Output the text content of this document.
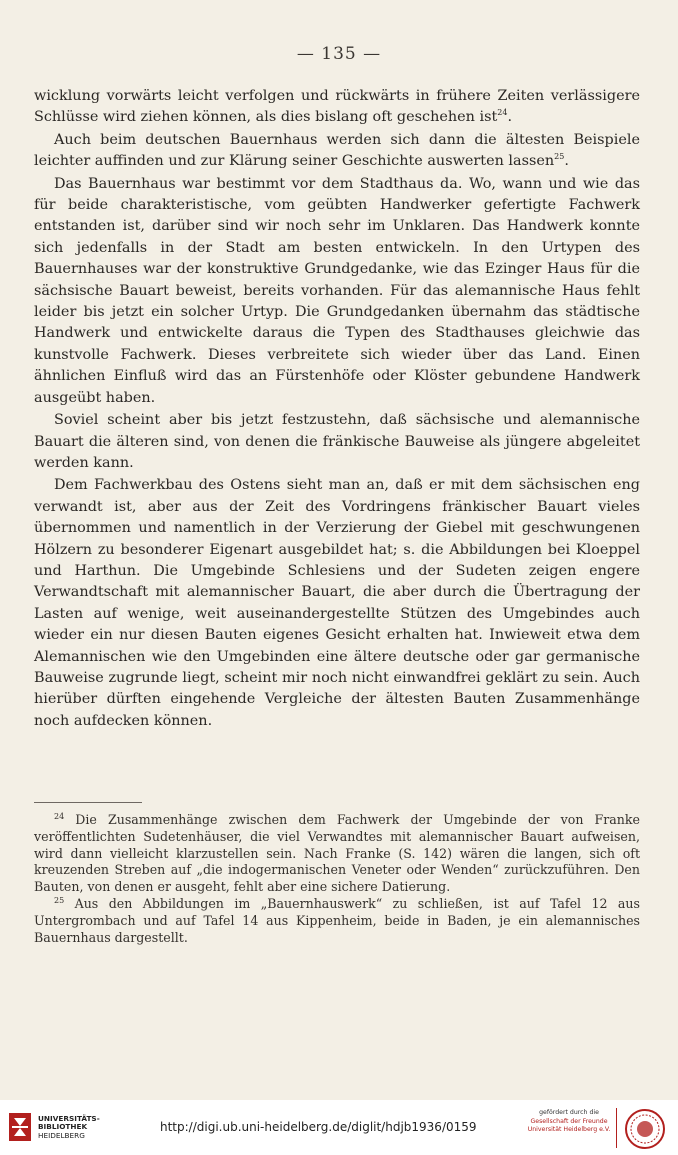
— 135 —

wicklung vorwärts leicht verfolgen und rückwärts in frühere Zeiten verlässigere Schlüsse wird ziehen können, als dies bislang oft geschehen ist$^{24}$.

Auch beim deutschen Bauernhaus werden sich dann die ältesten Beispiele leichter auffinden und zur Klärung seiner Geschichte auswerten lassen$^{25}$.

Das Bauernhaus war bestimmt vor dem Stadthaus da. Wo, wann und wie das für beide charakteristische, vom geübten Handwerker gefertigte Fachwerk entstanden ist, darüber sind wir noch sehr im Unklaren. Das Handwerk konnte sich jedenfalls in der Stadt am besten entwickeln. In den Urtypen des Bauernhauses war der konstruktive Grundgedanke, wie das Ezinger Haus für die sächsische Bauart beweist, bereits vorhanden. Für das alemannische Haus fehlt leider bis jetzt ein solcher Urtyp. Die Grundgedanken übernahm das städtische Handwerk und entwickelte daraus die Typen des Stadthauses gleichwie das kunstvolle Fachwerk. Dieses verbreitete sich wieder über das Land. Einen ähnlichen Einfluß wird das an Fürstenhöfe oder Klöster gebundene Handwerk ausgeübt haben.

Soviel scheint aber bis jetzt festzustehn, daß sächsische und alemannische Bauart die älteren sind, von denen die fränkische Bauweise als jüngere abgeleitet werden kann.

Dem Fachwerkbau des Ostens sieht man an, daß er mit dem sächsischen eng verwandt ist, aber aus der Zeit des Vordringens fränkischer Bauart vieles übernommen und namentlich in der Verzierung der Giebel mit geschwungenen Hölzern zu besonderer Eigenart ausgebildet hat; s. die Abbildungen bei Kloeppel und Harthun. Die Umgebinde Schlesiens und der Sudeten zeigen engere Verwandtschaft mit alemannischer Bauart, die aber durch die Übertragung der Lasten auf wenige, weit auseinandergestellte Stützen des Umgebindes auch wieder ein nur diesen Bauten eigenes Gesicht erhalten hat. Inwieweit etwa dem Alemannischen wie den Umgebinden eine ältere deutsche oder gar germanische Bauweise zugrunde liegt, scheint mir noch nicht einwandfrei geklärt zu sein. Auch hierüber dürften eingehende Vergleiche der ältesten Bauten Zusammenhänge noch aufdecken können.

$^{24}$ Die Zusammenhänge zwischen dem Fachwerk der Umgebinde der von Franke veröffentlichten Sudetenhäuser, die viel Verwandtes mit alemannischer Bauart aufweisen, wird dann vielleicht klarzustellen sein. Nach Franke (S. 142) wären die langen, sich oft kreuzenden Streben auf „die indogermanischen Veneter oder Wenden“ zurückzuführen. Den Bauten, von denen er ausgeht, fehlt aber eine sichere Datierung.

$^{25}$ Aus den Abbildungen im „Bauernhauswerk“ zu schließen, ist auf Tafel 12 aus Untergrombach und auf Tafel 14 aus Kippenheim, beide in Baden, je ein alemannisches Bauernhaus dargestellt.

UNIVERSITÄTS-
BIBLIOTHEK
HEIDELBERG
http://digi.ub.uni-heidelberg.de/diglit/hdjb1936/0159
gefördert durch die
Gesellschaft der Freunde
Universität Heidelberg e.V.
